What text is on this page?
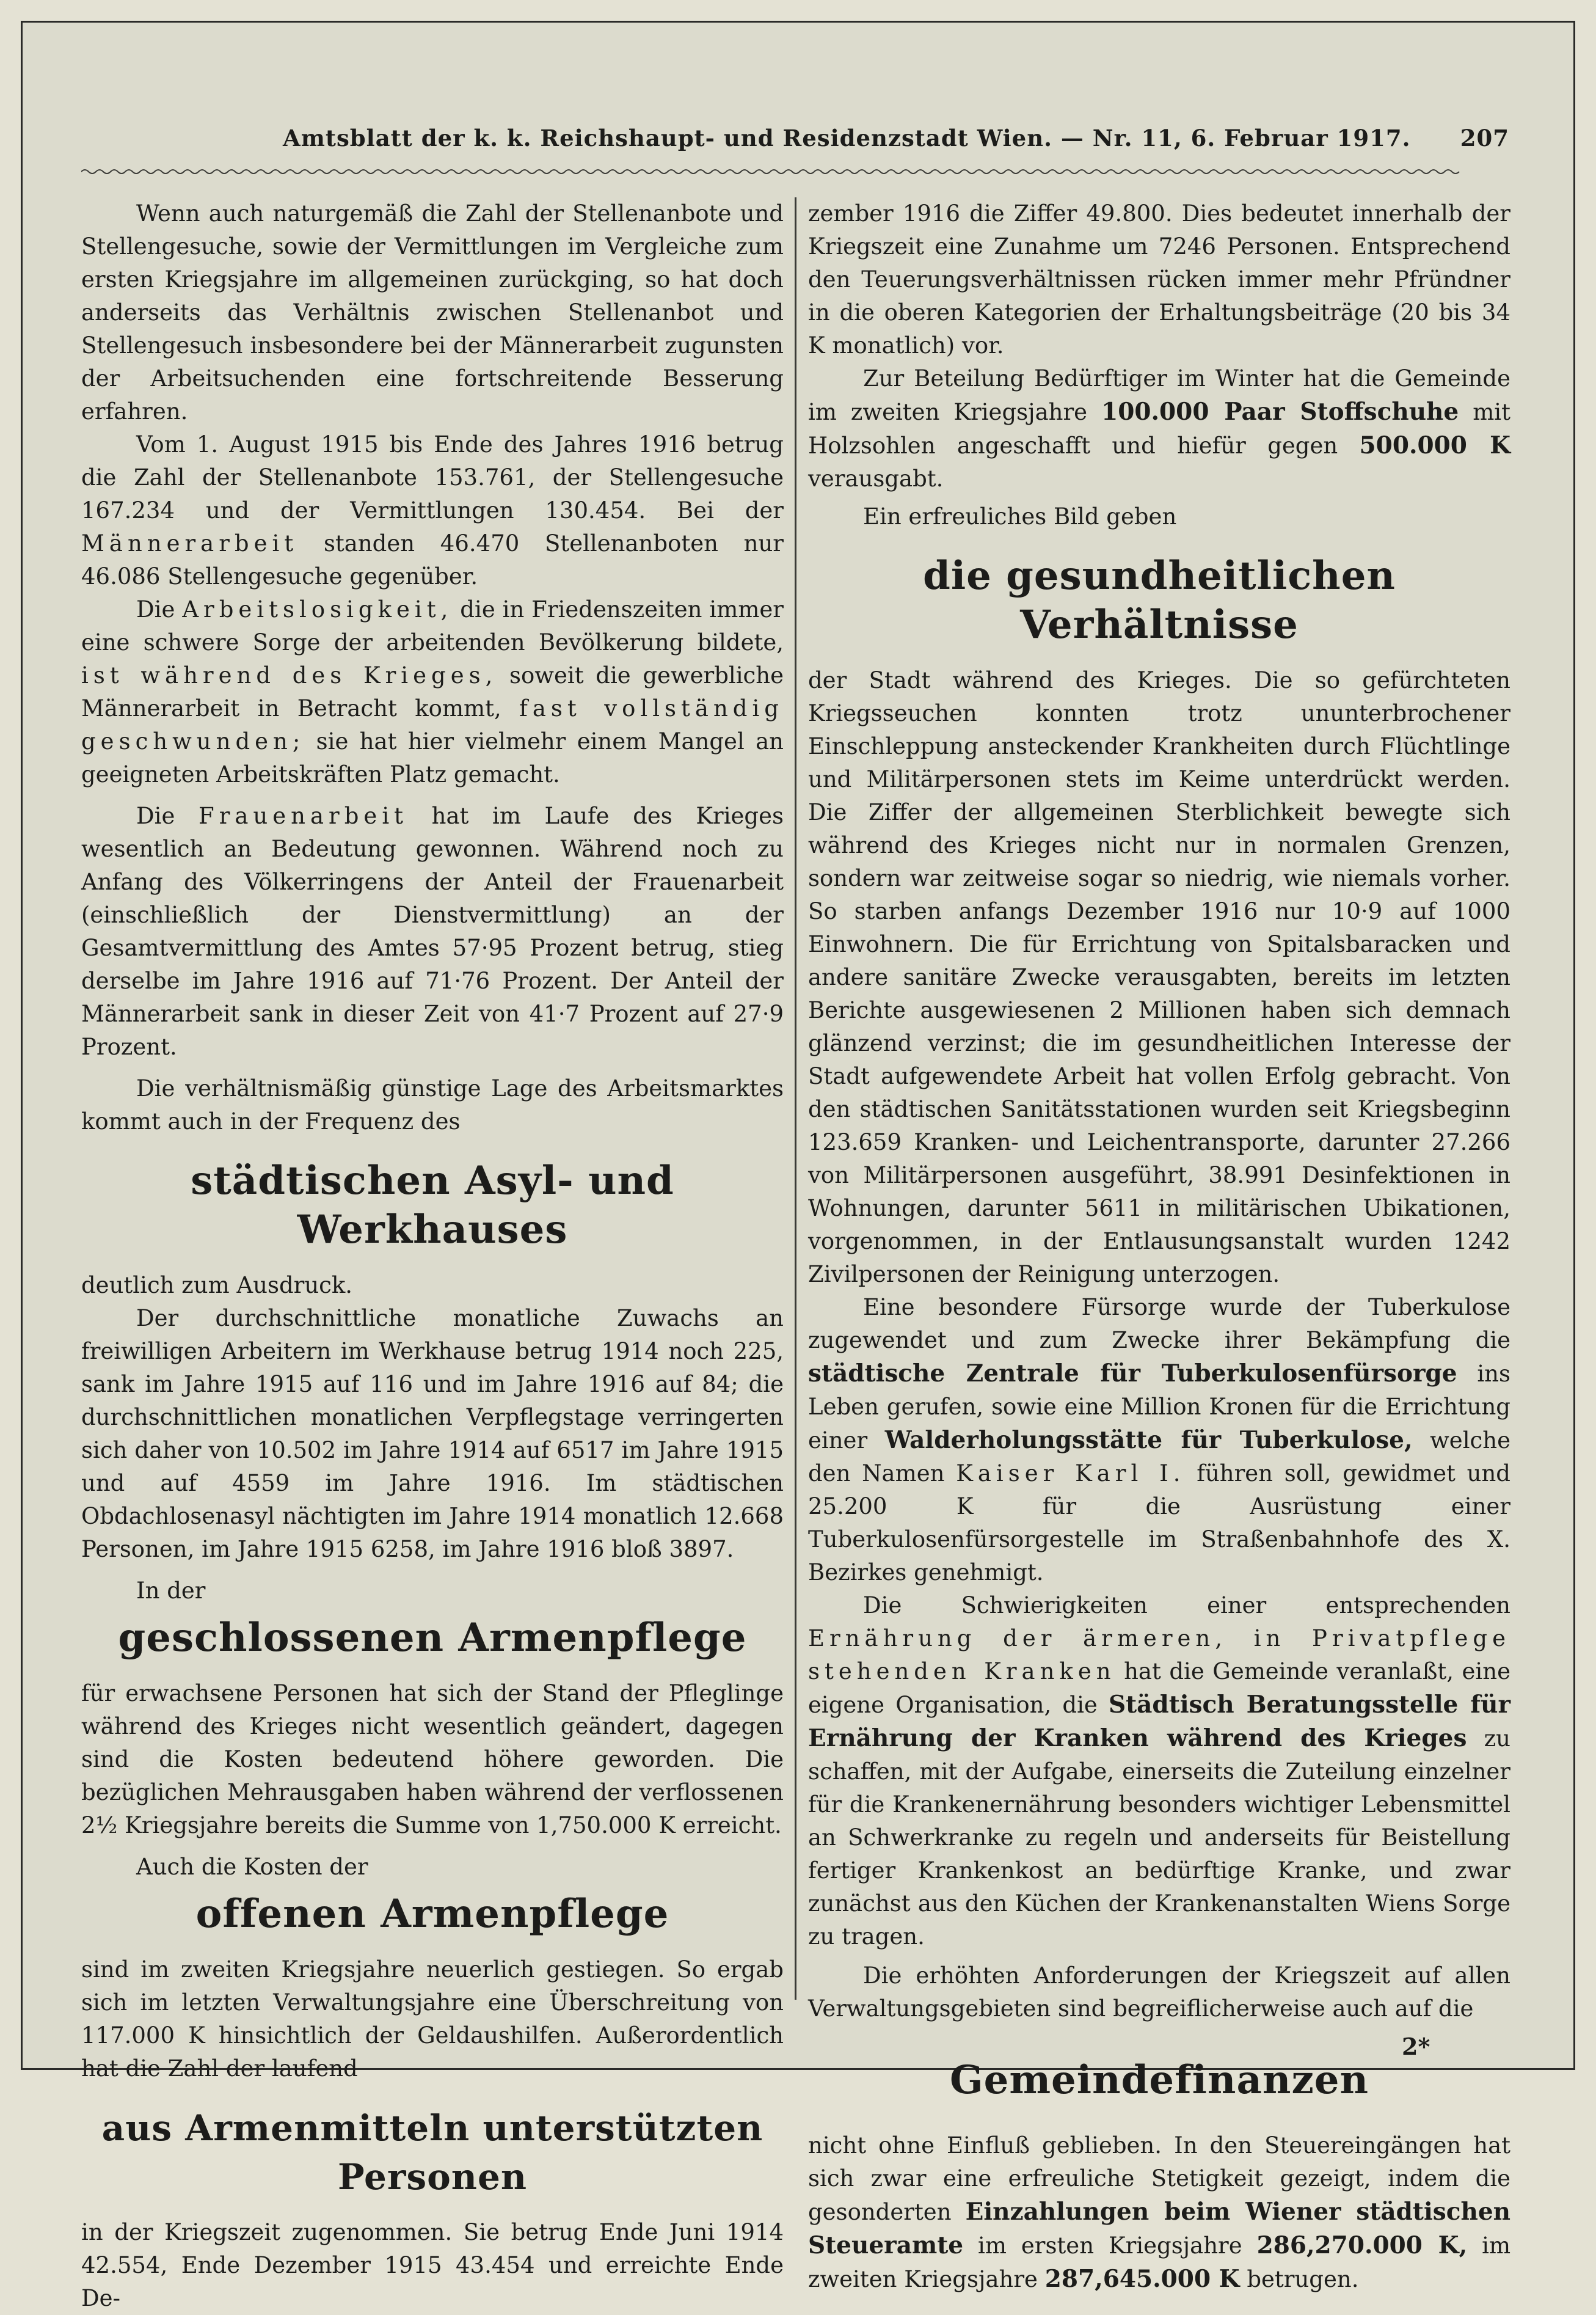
Amtsblatt der k. k. Reichshaupt- und Residenzstadt Wien. — Nr. 11, 6. Februar 1917. 207

Wenn auch naturgemäß die Zahl der Stellenanbote und Stellengesuche, sowie der Vermittlungen im Vergleiche zum ersten Kriegsjahre im allgemeinen zurückging, so hat doch anderseits das Verhältnis zwischen Stellenanbot und Stellengesuch insbesondere bei der Männerarbeit zugunsten der Arbeitsuchenden eine fortschreitende Besserung erfahren.

Vom 1. August 1915 bis Ende des Jahres 1916 betrug die Zahl der Stellenanbote 153.761, der Stellengesuche 167.234 und der Vermittlungen 130.454. Bei der Männerarbeit standen 46.470 Stellenanboten nur 46.086 Stellengesuche gegenüber.

Die Arbeitslosigkeit, die in Friedenszeiten immer eine schwere Sorge der arbeitenden Bevölkerung bildete, ist während des Krieges, soweit die gewerbliche Männerarbeit in Betracht kommt, fast vollständig geschwunden; sie hat hier vielmehr einem Mangel an geeigneten Arbeitskräften Platz gemacht.

Die Frauenarbeit hat im Laufe des Krieges wesentlich an Bedeutung gewonnen. Während noch zu Anfang des Völkerringens der Anteil der Frauenarbeit (einschließlich der Dienstvermittlung) an der Gesamtvermittlung des Amtes 57·95 Prozent betrug, stieg derselbe im Jahre 1916 auf 71·76 Prozent. Der Anteil der Männerarbeit sank in dieser Zeit von 41·7 Prozent auf 27·9 Prozent.

Die verhältnismäßig günstige Lage des Arbeitsmarktes kommt auch in der Frequenz des

städtischen Asyl- und Werkhauses

deutlich zum Ausdruck.

Der durchschnittliche monatliche Zuwachs an freiwilligen Arbeitern im Werkhause betrug 1914 noch 225, sank im Jahre 1915 auf 116 und im Jahre 1916 auf 84; die durchschnittlichen monatlichen Verpflegstage verringerten sich daher von 10.502 im Jahre 1914 auf 6517 im Jahre 1915 und auf 4559 im Jahre 1916. Im städtischen Obdachlosenasyl nächtigten im Jahre 1914 monatlich 12.668 Personen, im Jahre 1915 6258, im Jahre 1916 bloß 3897.

In der

geschlossenen Armenpflege

für erwachsene Personen hat sich der Stand der Pfleglinge während des Krieges nicht wesentlich geändert, dagegen sind die Kosten bedeutend höhere geworden. Die bezüglichen Mehrausgaben haben während der verflossenen 2½ Kriegsjahre bereits die Summe von 1,750.000 K erreicht.

Auch die Kosten der

offenen Armenpflege

sind im zweiten Kriegsjahre neuerlich gestiegen. So ergab sich im letzten Verwaltungsjahre eine Überschreitung von 117.000 K hinsichtlich der Geldaushilfen. Außerordentlich hat die Zahl der laufend

aus Armenmitteln unterstützten Personen

in der Kriegszeit zugenommen. Sie betrug Ende Juni 1914 42.554, Ende Dezember 1915 43.454 und erreichte Ende De-

zember 1916 die Ziffer 49.800. Dies bedeutet innerhalb der Kriegszeit eine Zunahme um 7246 Personen. Entsprechend den Teuerungsverhältnissen rücken immer mehr Pfründner in die oberen Kategorien der Erhaltungsbeiträge (20 bis 34 K monatlich) vor.

Zur Beteilung Bedürftiger im Winter hat die Gemeinde im zweiten Kriegsjahre 100.000 Paar Stoffschuhe mit Holzsohlen angeschafft und hiefür gegen 500.000 K verausgabt.

Ein erfreuliches Bild geben

die gesundheitlichen Verhältnisse

der Stadt während des Krieges. Die so gefürchteten Kriegsseuchen konnten trotz ununterbrochener Einschleppung ansteckender Krankheiten durch Flüchtlinge und Militärpersonen stets im Keime unterdrückt werden. Die Ziffer der allgemeinen Sterblichkeit bewegte sich während des Krieges nicht nur in normalen Grenzen, sondern war zeitweise sogar so niedrig, wie niemals vorher. So starben anfangs Dezember 1916 nur 10·9 auf 1000 Einwohnern. Die für Errichtung von Spitalsbaracken und andere sanitäre Zwecke verausgabten, bereits im letzten Berichte ausgewiesenen 2 Millionen haben sich demnach glänzend verzinst; die im gesundheitlichen Interesse der Stadt aufgewendete Arbeit hat vollen Erfolg gebracht. Von den städtischen Sanitätsstationen wurden seit Kriegsbeginn 123.659 Kranken- und Leichentransporte, darunter 27.266 von Militärpersonen ausgeführt, 38.991 Desinfektionen in Wohnungen, darunter 5611 in militärischen Ubikationen, vorgenommen, in der Entlausungsanstalt wurden 1242 Zivilpersonen der Reinigung unterzogen.

Eine besondere Fürsorge wurde der Tuberkulose zugewendet und zum Zwecke ihrer Bekämpfung die städtische Zentrale für Tuberkulosenfürsorge ins Leben gerufen, sowie eine Million Kronen für die Errichtung einer Walderholungsstätte für Tuberkulose, welche den Namen Kaiser Karl I. führen soll, gewidmet und 25.200 K für die Ausrüstung einer Tuberkulosenfürsorgestelle im Straßenbahnhofe des X. Bezirkes genehmigt.

Die Schwierigkeiten einer entsprechenden Ernährung der ärmeren, in Privatpflege stehenden Kranken hat die Gemeinde veranlaßt, eine eigene Organisation, die Städtisch Beratungsstelle für Ernährung der Kranken während des Krieges zu schaffen, mit der Aufgabe, einerseits die Zuteilung einzelner für die Krankenernährung besonders wichtiger Lebensmittel an Schwerkranke zu regeln und anderseits für Beistellung fertiger Krankenkost an bedürftige Kranke, und zwar zunächst aus den Küchen der Krankenanstalten Wiens Sorge zu tragen.

Die erhöhten Anforderungen der Kriegszeit auf allen Verwaltungsgebieten sind begreiflicherweise auch auf die

Gemeindefinanzen

nicht ohne Einfluß geblieben. In den Steuereingängen hat sich zwar eine erfreuliche Stetigkeit gezeigt, indem die gesonderten Einzahlungen beim Wiener städtischen Steueramte im ersten Kriegsjahre 286,270.000 K, im zweiten Kriegsjahre 287,645.000 K betrugen.

2*
